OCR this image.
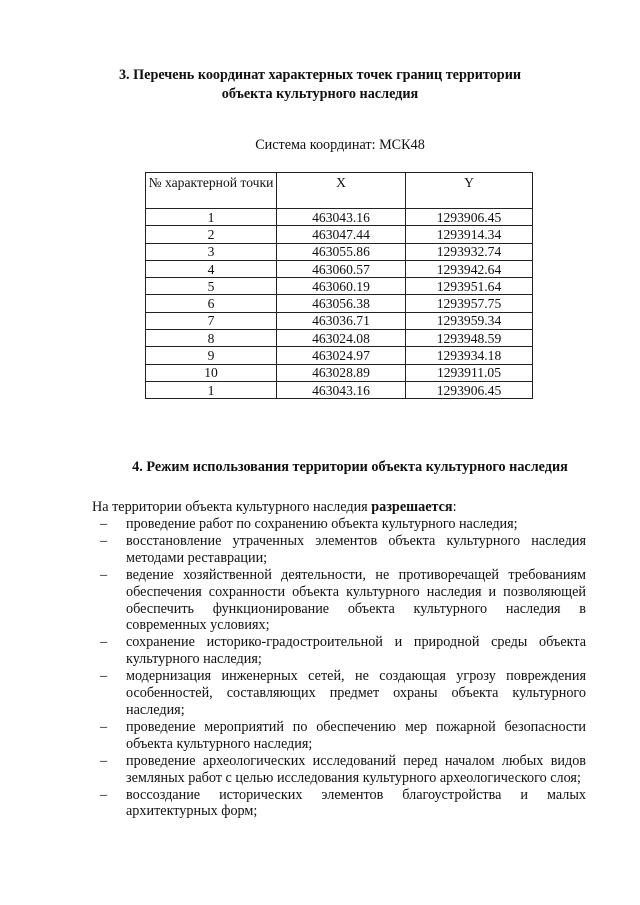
3. Перечень координат характерных точек границ территории
объекта культурного наследия
Система координат: МСК48
№ характерной точки	X	Y
1	463043.16	1293906.45
2	463047.44	1293914.34
3	463055.86	1293932.74
4	463060.57	1293942.64
5	463060.19	1293951.64
6	463056.38	1293957.75
7	463036.71	1293959.34
8	463024.08	1293948.59
9	463024.97	1293934.18
10	463028.89	1293911.05
1	463043.16	1293906.45
4. Режим использования территории объекта культурного наследия
На территории объекта культурного наследия разрешается:
– проведение работ по сохранению объекта культурного наследия;
– восстановление утраченных элементов объекта культурного наследия методами реставрации;
– ведение хозяйственной деятельности, не противоречащей требованиям обеспечения сохранности объекта культурного наследия и позволяющей обеспечить функционирование объекта культурного наследия в современных условиях;
– сохранение историко-градостроительной и природной среды объекта культурного наследия;
– модернизация инженерных сетей, не создающая угрозу повреждения особенностей, составляющих предмет охраны объекта культурного наследия;
– проведение мероприятий по обеспечению мер пожарной безопасности объекта культурного наследия;
– проведение археологических исследований перед началом любых видов земляных работ с целью исследования культурного археологического слоя;
– воссоздание исторических элементов благоустройства и малых архитектурных форм;
